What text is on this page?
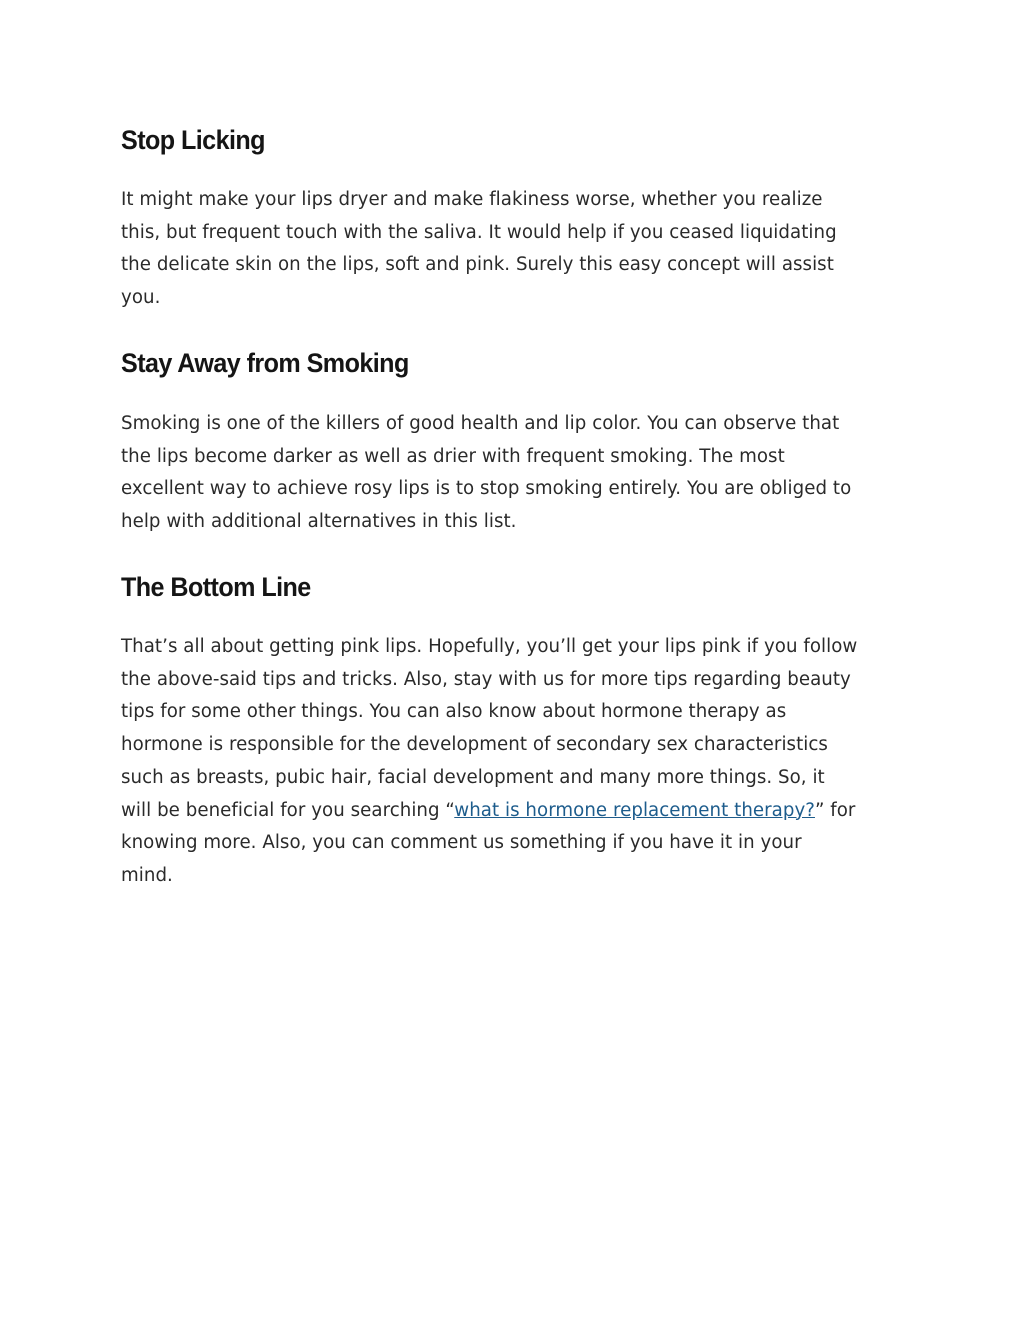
Stop Licking

It might make your lips dryer and make flakiness worse, whether you realize
this, but frequent touch with the saliva. It would help if you ceased liquidating
the delicate skin on the lips, soft and pink. Surely this easy concept will assist
you.

Stay Away from Smoking

Smoking is one of the killers of good health and lip color. You can observe that
the lips become darker as well as drier with frequent smoking. The most
excellent way to achieve rosy lips is to stop smoking entirely. You are obliged to
help with additional alternatives in this list.

The Bottom Line

That’s all about getting pink lips. Hopefully, you’ll get your lips pink if you follow
the above-said tips and tricks. Also, stay with us for more tips regarding beauty
tips for some other things. You can also know about hormone therapy as
hormone is responsible for the development of secondary sex characteristics
such as breasts, pubic hair, facial development and many more things. So, it
will be beneficial for you searching “what is hormone replacement therapy?” for
knowing more. Also, you can comment us something if you have it in your
mind.
